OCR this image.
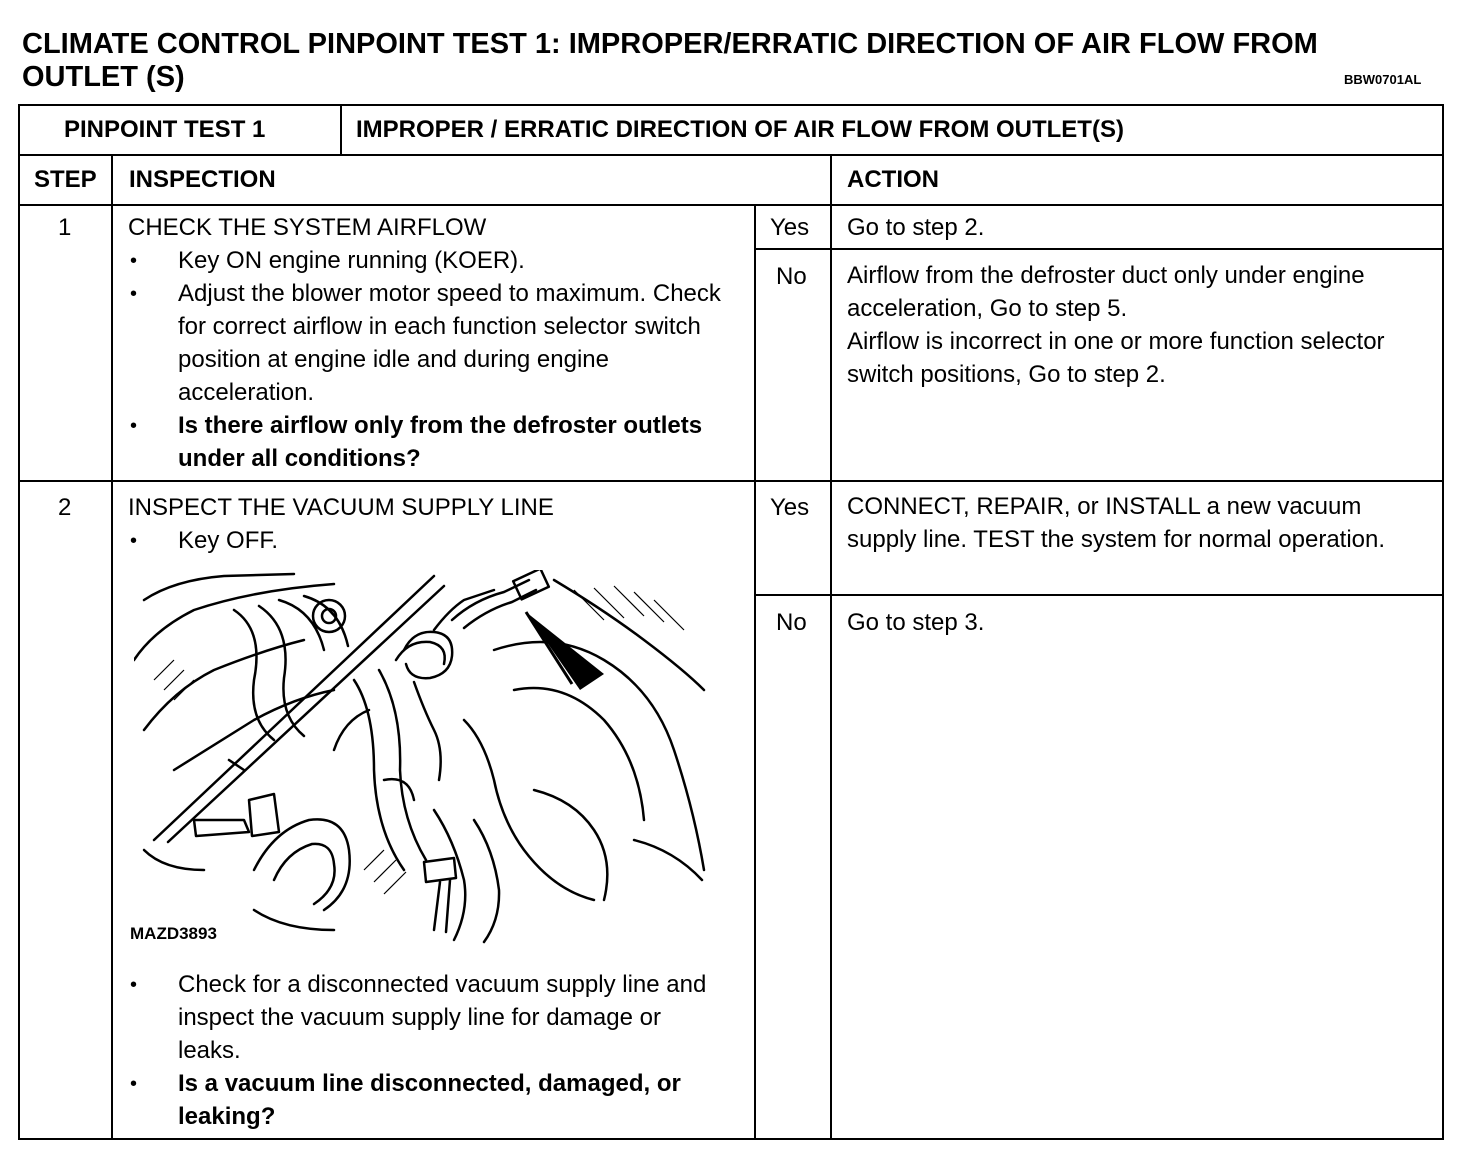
CLIMATE CONTROL PINPOINT TEST 1: IMPROPER/ERRATIC DIRECTION OF AIR FLOW FROM OUTLET (S)	BBW0701AL
PINPOINT TEST 1	IMPROPER / ERRATIC DIRECTION OF AIR FLOW FROM OUTLET(S)
STEP INSPECTION	ACTION
1 CHECK THE SYSTEM AIRFLOW
• Key ON engine running (KOER).
• Adjust the blower motor speed to maximum. Check for correct airflow in each function selector switch position at engine idle and during engine acceleration.
• Is there airflow only from the defroster outlets under all conditions?
Yes Go to step 2.
No Airflow from the defroster duct only under engine acceleration, Go to step 5.
Airflow is incorrect in one or more function selector switch positions, Go to step 2.
2 INSPECT THE VACUUM SUPPLY LINE
• Key OFF.
MAZD3893
• Check for a disconnected vacuum supply line and inspect the vacuum supply line for damage or leaks.
• Is a vacuum line disconnected, damaged, or leaking?
Yes CONNECT, REPAIR, or INSTALL a new vacuum supply line. TEST the system for normal operation.
No Go to step 3.
